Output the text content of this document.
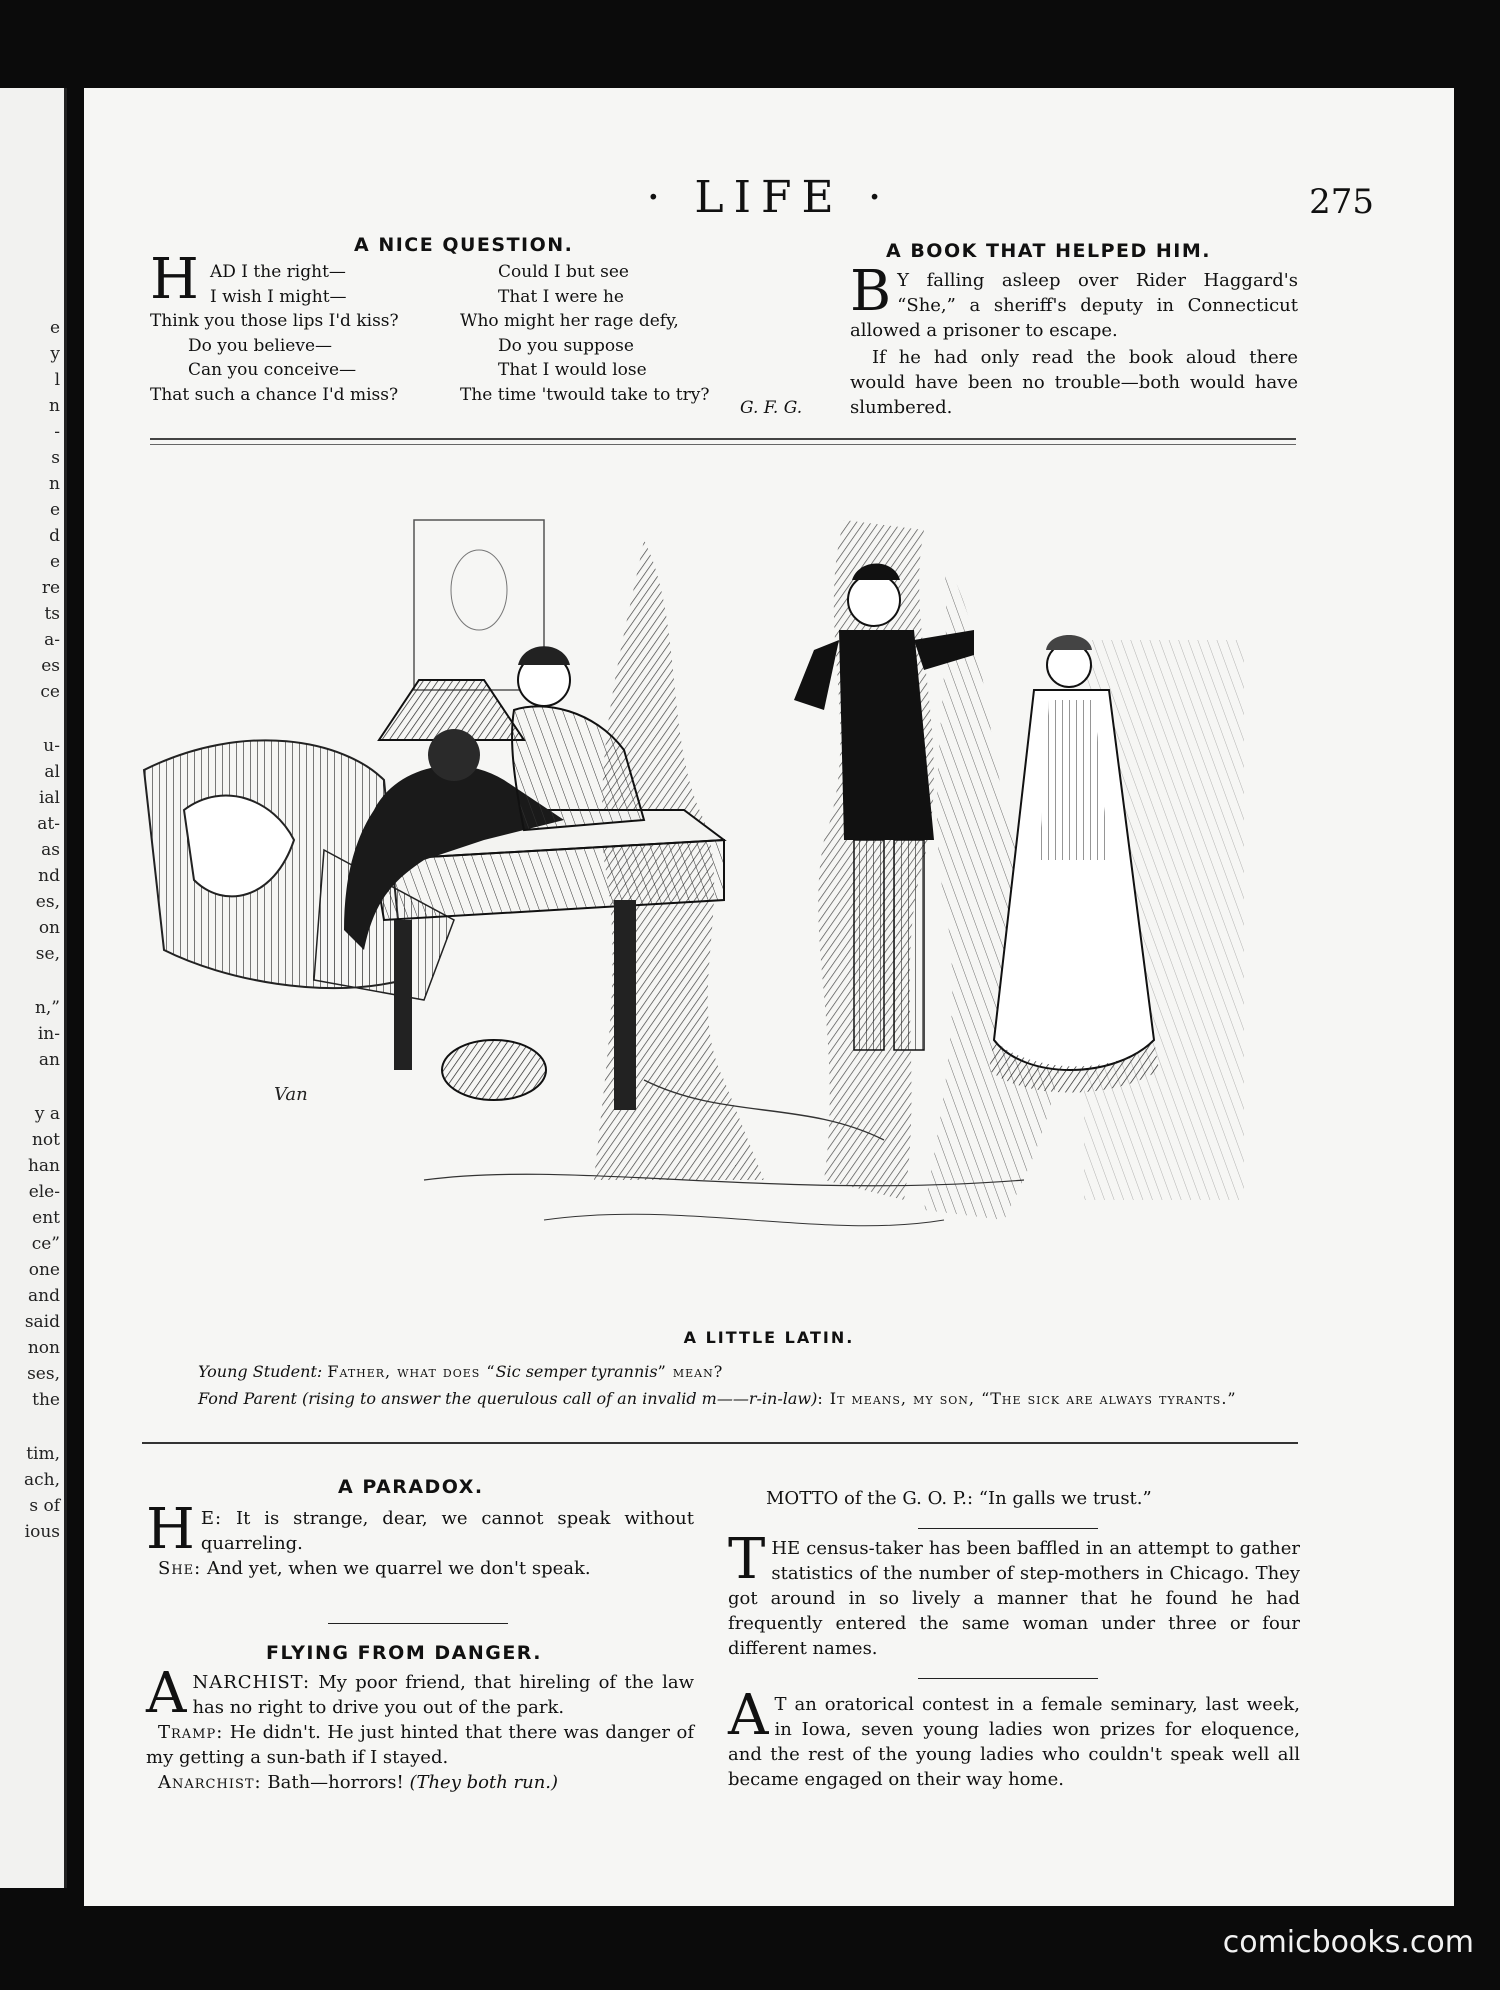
e
y
l
n
-
s
n
e
d
e
re
ts
a-
es
ce
u-
al
ial
at-
as
nd
es,
on
se,
n,”
in-
an
y a
not
han
ele-
ent
ce”
one
and
said
non
ses,
the
tim,
ach,
s of
ious
· LIFE ·	275
A NICE QUESTION.
H AD I the right—
I wish I might—
Think you those lips I'd kiss?
Do you believe—
Can you conceive—
That such a chance I'd miss?
Could I but see
That I were he
Who might her rage defy,
Do you suppose
That I would lose
The time 'twould take to try?
G. F. G.
A BOOK THAT HELPED HIM.

B Y falling asleep over Rider Haggard's “She,” a sheriff's deputy in Connecticut allowed a prisoner to escape.

If he had only read the book aloud there would have been no trouble—both would have slumbered.

Van
A LITTLE LATIN.
Young Student: Father, what does “Sic semper tyrannis” mean?
Fond Parent (rising to answer the querulous call of an invalid m——r-in-law): It means, my son, “The sick are always tyrants.”
A PARADOX.

H E: It is strange, dear, we cannot speak without quarreling.

She: And yet, when we quarrel we don't speak.

FLYING FROM DANGER.

ANARCHIST: My poor friend, that hireling of the law has no right to drive you out of the park.

Tramp: He didn't. He just hinted that there was danger of my getting a sun-bath if I stayed.

Anarchist: Bath—horrors! (They both run.)

MOTTO of the G. O. P.: “In galls we trust.”

THE census-taker has been baffled in an attempt to gather statistics of the number of step-mothers in Chicago. They got around in so lively a manner that he found he had frequently entered the same woman under three or four different names.

A T an oratorical contest in a female seminary, last week, in Iowa, seven young ladies won prizes for eloquence, and the rest of the young ladies who couldn't speak well all became engaged on their way home.

comicbooks.com
